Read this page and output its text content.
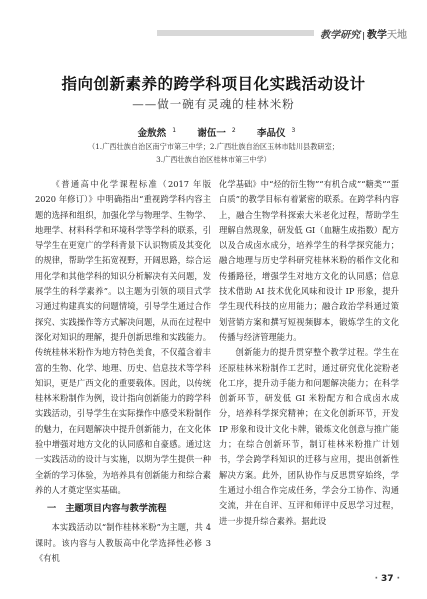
教学研究 | 教学天地
指向创新素养的跨学科项目化实践活动设计
——做一碗有灵魂的桂林米粉
金敖然 $^1$ 谢伍一 $^2$ 李品仪 $^3$
（1.广西壮族自治区南宁市第三中学；2.广西壮族自治区玉林市陆川县教研室；
3.广西壮族自治区桂林市第三中学）

《普通高中化学课程标准（2017 年版 2020 年修订）》中明确指出“重视跨学科内容主题的选择和组织，加强化学与物理学、生物学、地理学、材料科学和环境科学等学科的联系，引导学生在更宽广的学科背景下认识物质及其变化的规律，帮助学生拓宽视野，开阔思路，综合运用化学和其他学科的知识分析解决有关问题，发展学生的科学素养”。以主题为引领的项目式学习通过构建真实的问题情境，引导学生通过合作探究、实践操作等方式解决问题，从而在过程中深化对知识的理解，提升创新思维和实践能力。传统桂林米粉作为地方特色美食，不仅蕴含着丰富的生物、化学、地理、历史、信息技术等学科知识，更是广西文化的重要载体。因此，以传统桂林米粉制作为例，设计指向创新能力的跨学科实践活动，引导学生在实际操作中感受米粉制作的魅力，在问题解决中提升创新能力，在文化体验中增强对地方文化的认同感和自豪感。通过这一实践活动的设计与实施，以期为学生提供一种全新的学习体验，为培养具有创新能力和综合素养的人才奠定坚实基础。

一　主题项目内容与教学流程

本实践活动以“制作桂林米粉”为主题，共 4 课时。该内容与人教版高中化学选择性必修 3《有机

化学基础》中“烃的衍生物”“有机合成”“糖类”“蛋白质”的教学目标有着紧密的联系。在跨学科内容上，融合生物学科探索大米老化过程，帮助学生理解自然现象，研发低 GI（血糖生成指数）配方以及合成卤水成分，培养学生的科学探究能力；融合地理与历史学科研究桂林米粉的稻作文化和传播路径，增强学生对地方文化的认同感；信息技术借助 AI 技术优化风味和设计 IP 形象，提升学生现代科技的应用能力；融合政治学科通过策划营销方案和撰写短视频脚本，锻炼学生的文化传播与经济管理能力。

创新能力的提升贯穿整个教学过程。学生在还原桂林米粉制作工艺时，通过研究优化淀粉老化工序，提升动手能力和问题解决能力；在科学创新环节，研发低 GI 米粉配方和合成卤水成分，培养科学探究精神；在文化创新环节，开发 IP 形象和设计文化卡牌，锻炼文化创意与推广能力；在综合创新环节，制订桂林米粉推广计划书，学会跨学科知识的迁移与应用，提出创新性解决方案。此外，团队协作与反思贯穿始终，学生通过小组合作完成任务，学会分工协作、沟通交流，并在自评、互评和师评中反思学习过程，进一步提升综合素养。据此设

· 37 ·
